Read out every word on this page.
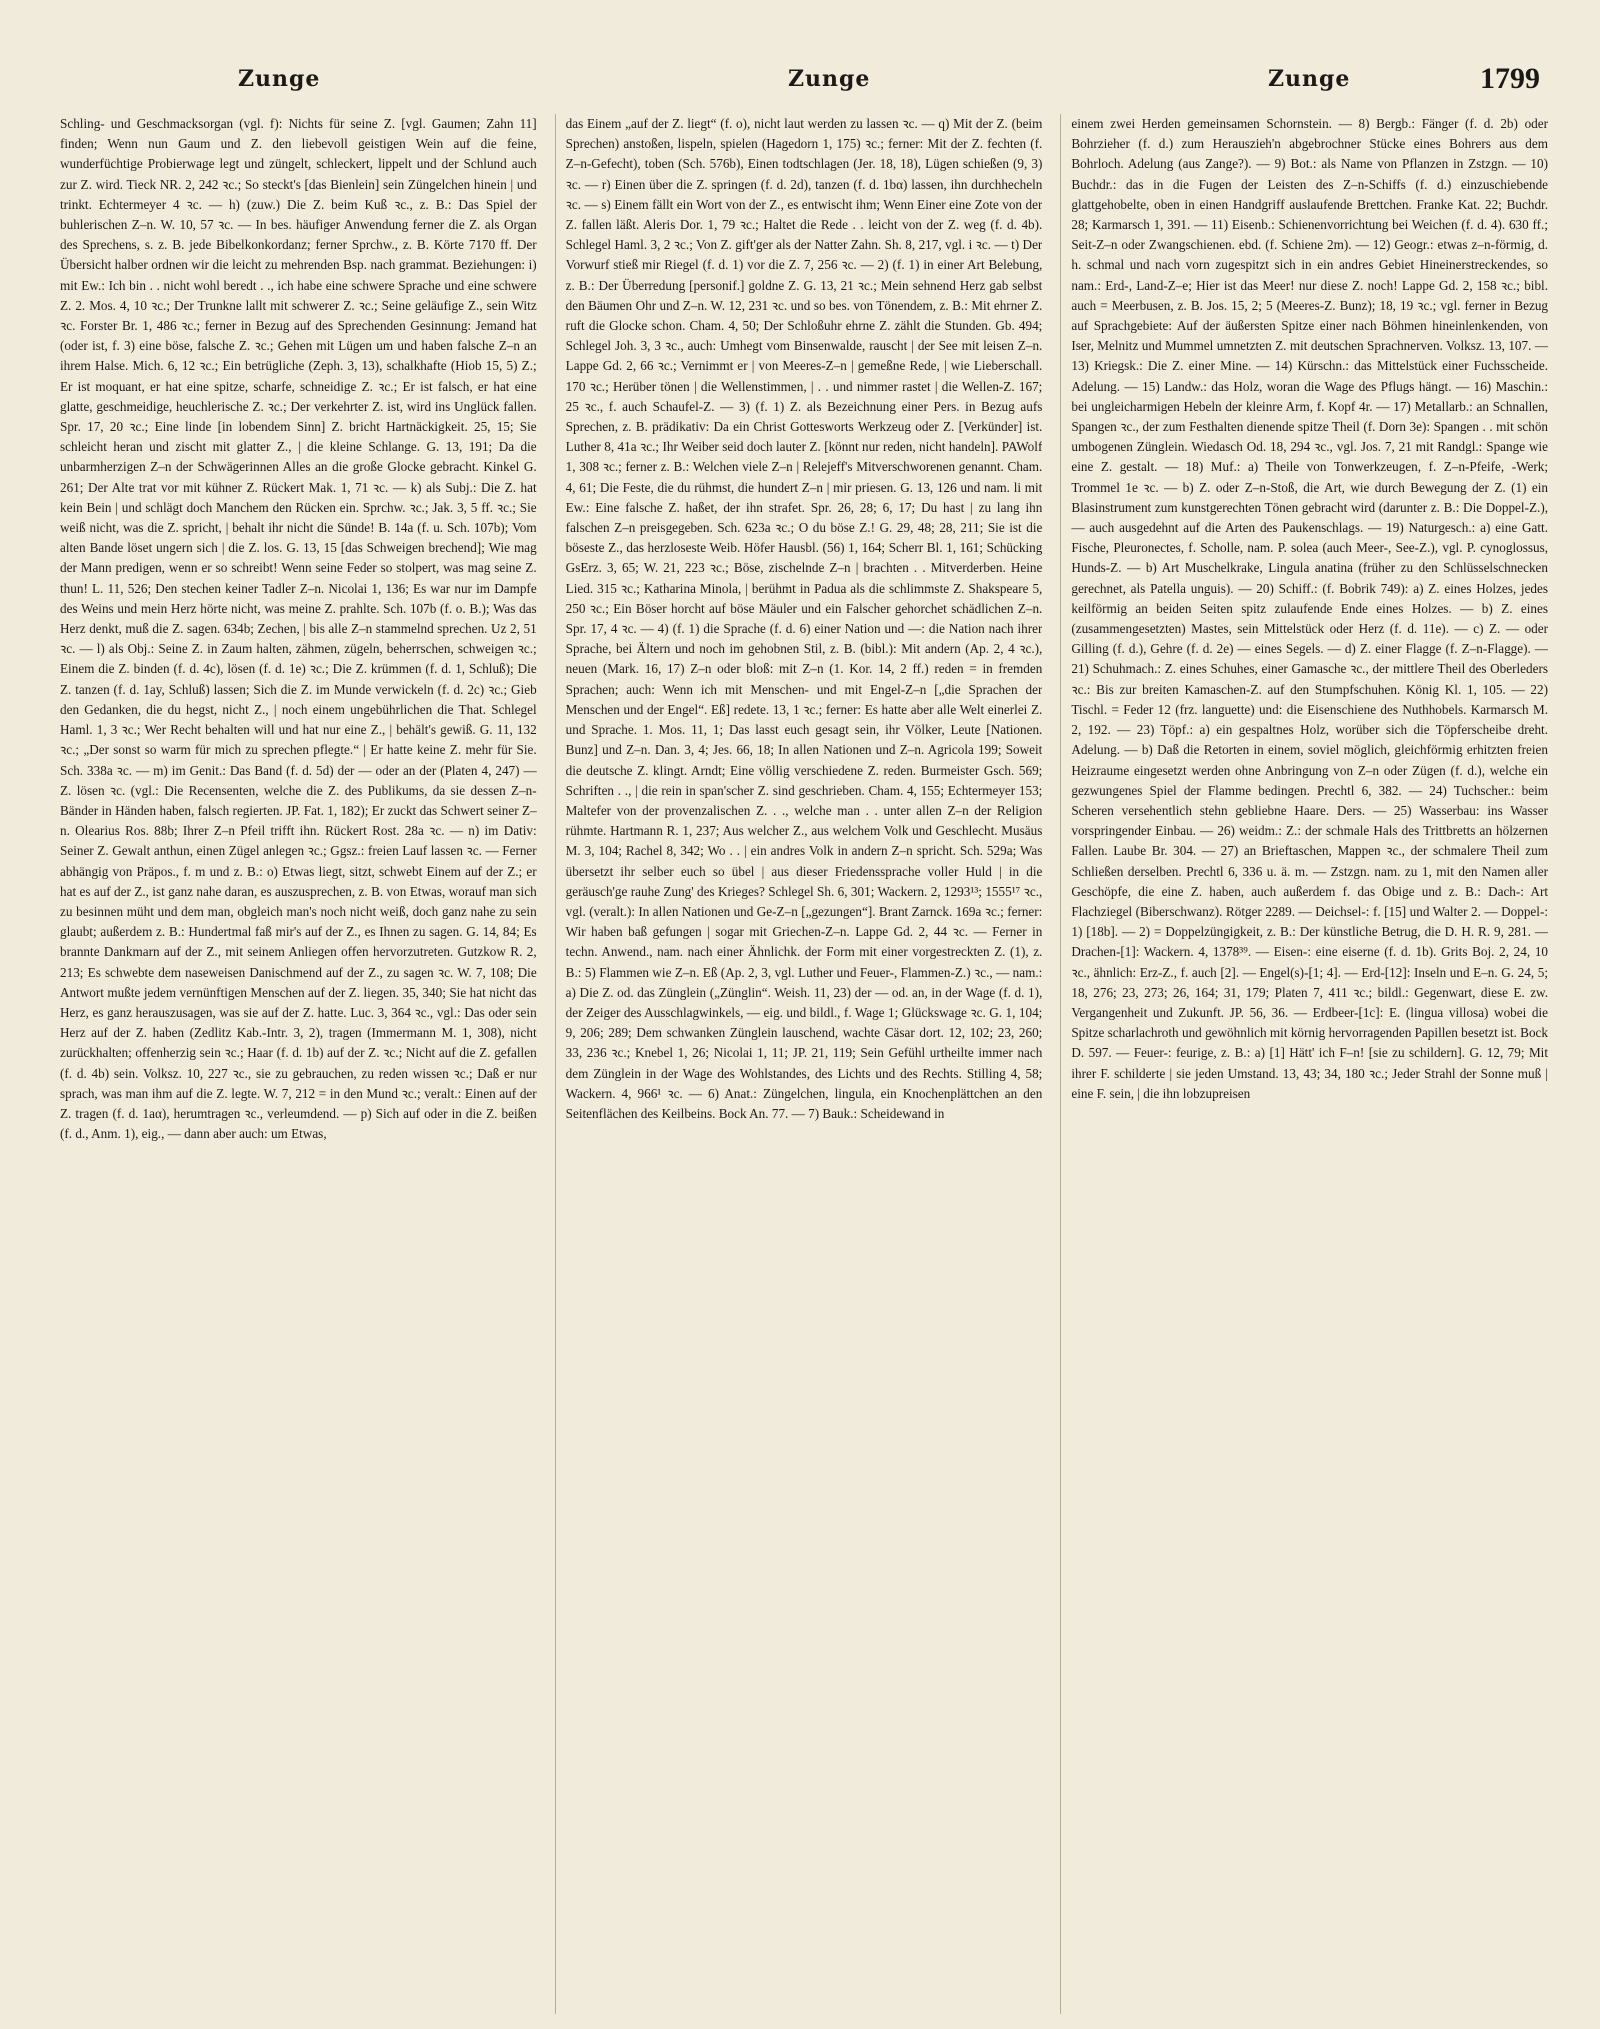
Zunge	Zunge	Zunge	1799
Schling- und Geschmacksorgan (vgl. f): Nichts für seine Z. [vgl. Gaumen; Zahn 11] finden; Wenn nun Gaum und Z. den liebevoll geistigen Wein auf die feine, wunderfüchtige Probierwage legt und züngelt, schleckert, lippelt und der Schlund auch zur Z. wird. Tieck NR. 2, 242 ꝛc.; So steckt's [das Bienlein] sein Züngelchen hinein | und trinkt. Echtermeyer 4 ꝛc. — h) (zuw.) Die Z. beim Kuß ꝛc., z. B.: Das Spiel der buhlerischen Z–n. W. 10, 57 ꝛc. — In bes. häufiger Anwendung ferner die Z. als Organ des Sprechens, s. z. B. jede Bibelkonkordanz; ferner Sprchw., z. B. Körte 7170 ff. Der Übersicht halber ordnen wir die leicht zu mehrenden Bsp. nach grammat. Beziehungen: i) mit Ew.: Ich bin . . nicht wohl beredt . ., ich habe eine schwere Sprache und eine schwere Z. 2. Mos. 4, 10 ꝛc.; Der Trunkne lallt mit schwerer Z. ꝛc.; Seine geläufige Z., sein Witz ꝛc. Forster Br. 1, 486 ꝛc.; ferner in Bezug auf des Sprechenden Gesinnung: Jemand hat (oder ist, f. 3) eine böse, falsche Z. ꝛc.; Gehen mit Lügen um und haben falsche Z–n an ihrem Halse. Mich. 6, 12 ꝛc.; Ein betrügliche (Zeph. 3, 13), schalkhafte (Hiob 15, 5) Z.; Er ist moquant, er hat eine spitze, scharfe, schneidige Z. ꝛc.; Er ist falsch, er hat eine glatte, geschmeidige, heuchlerische Z. ꝛc.; Der verkehrter Z. ist, wird ins Unglück fallen. Spr. 17, 20 ꝛc.; Eine linde [in lobendem Sinn] Z. bricht Hartnäckigkeit. 25, 15; Sie schleicht heran und zischt mit glatter Z., | die kleine Schlange. G. 13, 191; Da die unbarmherzigen Z–n der Schwägerinnen Alles an die große Glocke gebracht. Kinkel G. 261; Der Alte trat vor mit kühner Z. Rückert Mak. 1, 71 ꝛc. — k) als Subj.: Die Z. hat kein Bein | und schlägt doch Manchem den Rücken ein. Sprchw. ꝛc.; Jak. 3, 5 ff. ꝛc.; Sie weiß nicht, was die Z. spricht, | behalt ihr nicht die Sünde! B. 14a (f. u. Sch. 107b); Vom alten Bande löset ungern sich | die Z. los. G. 13, 15 [das Schweigen brechend]; Wie mag der Mann predigen, wenn er so schreibt! Wenn seine Feder so stolpert, was mag seine Z. thun! L. 11, 526; Den stechen keiner Tadler Z–n. Nicolai 1, 136; Es war nur im Dampfe des Weins und mein Herz hörte nicht, was meine Z. prahlte. Sch. 107b (f. o. B.); Was das Herz denkt, muß die Z. sagen. 634b; Zechen, | bis alle Z–n stammelnd sprechen. Uz 2, 51 ꝛc. — l) als Obj.: Seine Z. in Zaum halten, zähmen, zügeln, beherrschen, schweigen ꝛc.; Einem die Z. binden (f. d. 4c), lösen (f. d. 1e) ꝛc.; Die Z. krümmen (f. d. 1, Schluß); Die Z. tanzen (f. d. 1ay, Schluß) lassen; Sich die Z. im Munde verwickeln (f. d. 2c) ꝛc.; Gieb den Gedanken, die du hegst, nicht Z., | noch einem ungebührlichen die That. Schlegel Haml. 1, 3 ꝛc.; Wer Recht behalten will und hat nur eine Z., | behält's gewiß. G. 11, 132 ꝛc.; „Der sonst so warm für mich zu sprechen pflegte.“ | Er hatte keine Z. mehr für Sie. Sch. 338a ꝛc. — m) im Genit.: Das Band (f. d. 5d) der — oder an der (Platen 4, 247) — Z. lösen ꝛc. (vgl.: Die Recensenten, welche die Z. des Publikums, da sie dessen Z–n-Bänder in Händen haben, falsch regierten. JP. Fat. 1, 182); Er zuckt das Schwert seiner Z–n. Olearius Ros. 88b; Ihrer Z–n Pfeil trifft ihn. Rückert Rost. 28a ꝛc. — n) im Dativ: Seiner Z. Gewalt anthun, einen Zügel anlegen ꝛc.; Ggsz.: freien Lauf lassen ꝛc. — Ferner abhängig von Präpos., f. m und z. B.: o) Etwas liegt, sitzt, schwebt Einem auf der Z.; er hat es auf der Z., ist ganz nahe daran, es auszusprechen, z. B. von Etwas, worauf man sich zu besinnen müht und dem man, obgleich man's noch nicht weiß, doch ganz nahe zu sein glaubt; außerdem z. B.: Hundertmal faß mir's auf der Z., es Ihnen zu sagen. G. 14, 84; Es brannte Dankmarn auf der Z., mit seinem Anliegen offen hervorzutreten. Gutzkow R. 2, 213; Es schwebte dem naseweisen Danischmend auf der Z., zu sagen ꝛc. W. 7, 108; Die Antwort mußte jedem vernünftigen Menschen auf der Z. liegen. 35, 340; Sie hat nicht das Herz, es ganz herauszusagen, was sie auf der Z. hatte. Luc. 3, 364 ꝛc., vgl.: Das oder sein Herz auf der Z. haben (Zedlitz Kab.-Intr. 3, 2), tragen (Immermann M. 1, 308), nicht zurückhalten; offenherzig sein ꝛc.; Haar (f. d. 1b) auf der Z. ꝛc.; Nicht auf die Z. gefallen (f. d. 4b) sein. Volksz. 10, 227 ꝛc., sie zu gebrauchen, zu reden wissen ꝛc.; Daß er nur sprach, was man ihm auf die Z. legte. W. 7, 212 = in den Mund ꝛc.; veralt.: Einen auf der Z. tragen (f. d. 1aα), herumtragen ꝛc., verleumdend. — p) Sich auf oder in die Z. beißen (f. d., Anm. 1), eig., — dann aber auch: um Etwas,
das Einem „auf der Z. liegt“ (f. o), nicht laut werden zu lassen ꝛc. — q) Mit der Z. (beim Sprechen) anstoßen, lispeln, spielen (Hagedorn 1, 175) ꝛc.; ferner: Mit der Z. fechten (f. Z–n-Gefecht), toben (Sch. 576b), Einen todtschlagen (Jer. 18, 18), Lügen schießen (9, 3) ꝛc. — r) Einen über die Z. springen (f. d. 2d), tanzen (f. d. 1bα) lassen, ihn durchhecheln ꝛc. — s) Einem fällt ein Wort von der Z., es entwischt ihm; Wenn Einer eine Zote von der Z. fallen läßt. Aleris Dor. 1, 79 ꝛc.; Haltet die Rede . . leicht von der Z. weg (f. d. 4b). Schlegel Haml. 3, 2 ꝛc.; Von Z. gift'ger als der Natter Zahn. Sh. 8, 217, vgl. i ꝛc. — t) Der Vorwurf stieß mir Riegel (f. d. 1) vor die Z. 7, 256 ꝛc. — 2) (f. 1) in einer Art Belebung, z. B.: Der Überredung [personif.] goldne Z. G. 13, 21 ꝛc.; Mein sehnend Herz gab selbst den Bäumen Ohr und Z–n. W. 12, 231 ꝛc. und so bes. von Tönendem, z. B.: Mit ehrner Z. ruft die Glocke schon. Cham. 4, 50; Der Schloßuhr ehrne Z. zählt die Stunden. Gb. 494; Schlegel Joh. 3, 3 ꝛc., auch: Umhegt vom Binsenwalde, rauscht | der See mit leisen Z–n. Lappe Gd. 2, 66 ꝛc.; Vernimmt er | von Meeres-Z–n | gemeßne Rede, | wie Lieberschall. 170 ꝛc.; Herüber tönen | die Wellenstimmen, | . . und nimmer rastet | die Wellen-Z. 167; 25 ꝛc., f. auch Schaufel-Z. — 3) (f. 1) Z. als Bezeichnung einer Pers. in Bezug aufs Sprechen, z. B. prädikativ: Da ein Christ Gottesworts Werkzeug oder Z. [Verkünder] ist. Luther 8, 41a ꝛc.; Ihr Weiber seid doch lauter Z. [könnt nur reden, nicht handeln]. PAWolf 1, 308 ꝛc.; ferner z. B.: Welchen viele Z–n | Relejeff's Mitverschworenen genannt. Cham. 4, 61; Die Feste, die du rühmst, die hundert Z–n | mir priesen. G. 13, 126 und nam. li mit Ew.: Eine falsche Z. haßet, der ihn strafet. Spr. 26, 28; 6, 17; Du hast | zu lang ihn falschen Z–n preisgegeben. Sch. 623a ꝛc.; O du böse Z.! G. 29, 48; 28, 211; Sie ist die böseste Z., das herzloseste Weib. Höfer Hausbl. (56) 1, 164; Scherr Bl. 1, 161; Schücking GsErz. 3, 65; W. 21, 223 ꝛc.; Böse, zischelnde Z–n | brachten . . Mitverderben. Heine Lied. 315 ꝛc.; Katharina Minola, | berühmt in Padua als die schlimmste Z. Shakspeare 5, 250 ꝛc.; Ein Böser horcht auf böse Mäuler und ein Falscher gehorchet schädlichen Z–n. Spr. 17, 4 ꝛc. — 4) (f. 1) die Sprache (f. d. 6) einer Nation und —: die Nation nach ihrer Sprache, bei Ältern und noch im gehobnen Stil, z. B. (bibl.): Mit andern (Ap. 2, 4 ꝛc.), neuen (Mark. 16, 17) Z–n oder bloß: mit Z–n (1. Kor. 14, 2 ff.) reden = in fremden Sprachen; auch: Wenn ich mit Menschen- und mit Engel-Z–n [„die Sprachen der Menschen und der Engel“. Eß] redete. 13, 1 ꝛc.; ferner: Es hatte aber alle Welt einerlei Z. und Sprache. 1. Mos. 11, 1; Das lasst euch gesagt sein, ihr Völker, Leute [Nationen. Bunz] und Z–n. Dan. 3, 4; Jes. 66, 18; In allen Nationen und Z–n. Agricola 199; Soweit die deutsche Z. klingt. Arndt; Eine völlig verschiedene Z. reden. Burmeister Gsch. 569; Schriften . ., | die rein in span'scher Z. sind geschrieben. Cham. 4, 155; Echtermeyer 153; Maltefer von der provenzalischen Z. . ., welche man . . unter allen Z–n der Religion rühmte. Hartmann R. 1, 237; Aus welcher Z., aus welchem Volk und Geschlecht. Musäus M. 3, 104; Rachel 8, 342; Wo . . | ein andres Volk in andern Z–n spricht. Sch. 529a; Was übersetzt ihr selber euch so übel | aus dieser Friedenssprache voller Huld | in die geräusch'ge rauhe Zung' des Krieges? Schlegel Sh. 6, 301; Wackern. 2, 1293¹³; 1555¹⁷ ꝛc., vgl. (veralt.): In allen Nationen und Ge-Z–n [„gezungen“]. Brant Zarnck. 169a ꝛc.; ferner: Wir haben baß gefungen | sogar mit Griechen-Z–n. Lappe Gd. 2, 44 ꝛc. — Ferner in techn. Anwend., nam. nach einer Ähnlichk. der Form mit einer vorgestreckten Z. (1), z. B.: 5) Flammen wie Z–n. Eß (Ap. 2, 3, vgl. Luther und Feuer-, Flammen-Z.) ꝛc., — nam.: a) Die Z. od. das Zünglein („Zünglin“. Weish. 11, 23) der — od. an, in der Wage (f. d. 1), der Zeiger des Ausschlagwinkels, — eig. und bildl., f. Wage 1; Glückswage ꝛc. G. 1, 104; 9, 206; 289; Dem schwanken Zünglein lauschend, wachte Cäsar dort. 12, 102; 23, 260; 33, 236 ꝛc.; Knebel 1, 26; Nicolai 1, 11; JP. 21, 119; Sein Gefühl urtheilte immer nach dem Zünglein in der Wage des Wohlstandes, des Lichts und des Rechts. Stilling 4, 58; Wackern. 4, 966¹ ꝛc. — 6) Anat.: Züngelchen, lingula, ein Knochenplättchen an den Seitenflächen des Keilbeins. Bock An. 77. — 7) Bauk.: Scheidewand in
einem zwei Herden gemeinsamen Schornstein. — 8) Bergb.: Fänger (f. d. 2b) oder Bohrzieher (f. d.) zum Herauszieh'n abgebrochner Stücke eines Bohrers aus dem Bohrloch. Adelung (aus Zange?). — 9) Bot.: als Name von Pflanzen in Zstzgn. — 10) Buchdr.: das in die Fugen der Leisten des Z–n-Schiffs (f. d.) einzuschiebende glattgehobelte, oben in einen Handgriff auslaufende Brettchen. Franke Kat. 22; Buchdr. 28; Karmarsch 1, 391. — 11) Eisenb.: Schienenvorrichtung bei Weichen (f. d. 4). 630 ff.; Seit-Z–n oder Zwangschienen. ebd. (f. Schiene 2m). — 12) Geogr.: etwas z–n-förmig, d. h. schmal und nach vorn zugespitzt sich in ein andres Gebiet Hineinerstreckendes, so nam.: Erd-, Land-Z–e; Hier ist das Meer! nur diese Z. noch! Lappe Gd. 2, 158 ꝛc.; bibl. auch = Meerbusen, z. B. Jos. 15, 2; 5 (Meeres-Z. Bunz); 18, 19 ꝛc.; vgl. ferner in Bezug auf Sprachgebiete: Auf der äußersten Spitze einer nach Böhmen hineinlenkenden, von Iser, Melnitz und Mummel umnetzten Z. mit deutschen Sprachnerven. Volksz. 13, 107. — 13) Kriegsk.: Die Z. einer Mine. — 14) Kürschn.: das Mittelstück einer Fuchsscheide. Adelung. — 15) Landw.: das Holz, woran die Wage des Pflugs hängt. — 16) Maschin.: bei ungleicharmigen Hebeln der kleinre Arm, f. Kopf 4r. — 17) Metallarb.: an Schnallen, Spangen ꝛc., der zum Festhalten dienende spitze Theil (f. Dorn 3e): Spangen . . mit schön umbogenen Zünglein. Wiedasch Od. 18, 294 ꝛc., vgl. Jos. 7, 21 mit Randgl.: Spange wie eine Z. gestalt. — 18) Muf.: a) Theile von Tonwerkzeugen, f. Z–n-Pfeife, -Werk; Trommel 1e ꝛc. — b) Z. oder Z–n-Stoß, die Art, wie durch Bewegung der Z. (1) ein Blasinstrument zum kunstgerechten Tönen gebracht wird (darunter z. B.: Die Doppel-Z.), — auch ausgedehnt auf die Arten des Paukenschlags. — 19) Naturgesch.: a) eine Gatt. Fische, Pleuronectes, f. Scholle, nam. P. solea (auch Meer-, See-Z.), vgl. P. cynoglossus, Hunds-Z. — b) Art Muschelkrake, Lingula anatina (früher zu den Schlüsselschnecken gerechnet, als Patella unguis). — 20) Schiff.: (f. Bobrik 749): a) Z. eines Holzes, jedes keilförmig an beiden Seiten spitz zulaufende Ende eines Holzes. — b) Z. eines (zusammengesetzten) Mastes, sein Mittelstück oder Herz (f. d. 11e). — c) Z. — oder Gilling (f. d.), Gehre (f. d. 2e) — eines Segels. — d) Z. einer Flagge (f. Z–n-Flagge). — 21) Schuhmach.: Z. eines Schuhes, einer Gamasche ꝛc., der mittlere Theil des Oberleders ꝛc.: Bis zur breiten Kamaschen-Z. auf den Stumpfschuhen. König Kl. 1, 105. — 22) Tischl. = Feder 12 (frz. languette) und: die Eisenschiene des Nuthhobels. Karmarsch M. 2, 192. — 23) Töpf.: a) ein gespaltnes Holz, worüber sich die Töpferscheibe dreht. Adelung. — b) Daß die Retorten in einem, soviel möglich, gleichförmig erhitzten freien Heizraume eingesetzt werden ohne Anbringung von Z–n oder Zügen (f. d.), welche ein gezwungenes Spiel der Flamme bedingen. Prechtl 6, 382. — 24) Tuchscher.: beim Scheren versehentlich stehn gebliebne Haare. Ders. — 25) Wasserbau: ins Wasser vorspringender Einbau. — 26) weidm.: Z.: der schmale Hals des Trittbretts an hölzernen Fallen. Laube Br. 304. — 27) an Brieftaschen, Mappen ꝛc., der schmalere Theil zum Schließen derselben. Prechtl 6, 336 u. ä. m. — Zstzgn. nam. zu 1, mit den Namen aller Geschöpfe, die eine Z. haben, auch außerdem f. das Obige und z. B.: Dach-: Art Flachziegel (Biberschwanz). Rötger 2289. — Deichsel-: f. [15] und Walter 2. — Doppel-: 1) [18b]. — 2) = Doppelzüngigkeit, z. B.: Der künstliche Betrug, die D. H. R. 9, 281. — Drachen-[1]: Wackern. 4, 1378³⁹. — Eisen-: eine eiserne (f. d. 1b). Grits Boj. 2, 24, 10 ꝛc., ähnlich: Erz-Z., f. auch [2]. — Engel(s)-[1; 4]. — Erd-[12]: Inseln und E–n. G. 24, 5; 18, 276; 23, 273; 26, 164; 31, 179; Platen 7, 411 ꝛc.; bildl.: Gegenwart, diese E. zw. Vergangenheit und Zukunft. JP. 56, 36. — Erdbeer-[1c]: E. (lingua villosa) wobei die Spitze scharlachroth und gewöhnlich mit körnig hervorragenden Papillen besetzt ist. Bock D. 597. — Feuer-: feurige, z. B.: a) [1] Hätt' ich F–n! [sie zu schildern]. G. 12, 79; Mit ihrer F. schilderte | sie jeden Umstand. 13, 43; 34, 180 ꝛc.; Jeder Strahl der Sonne muß | eine F. sein, | die ihn lobzupreisen
